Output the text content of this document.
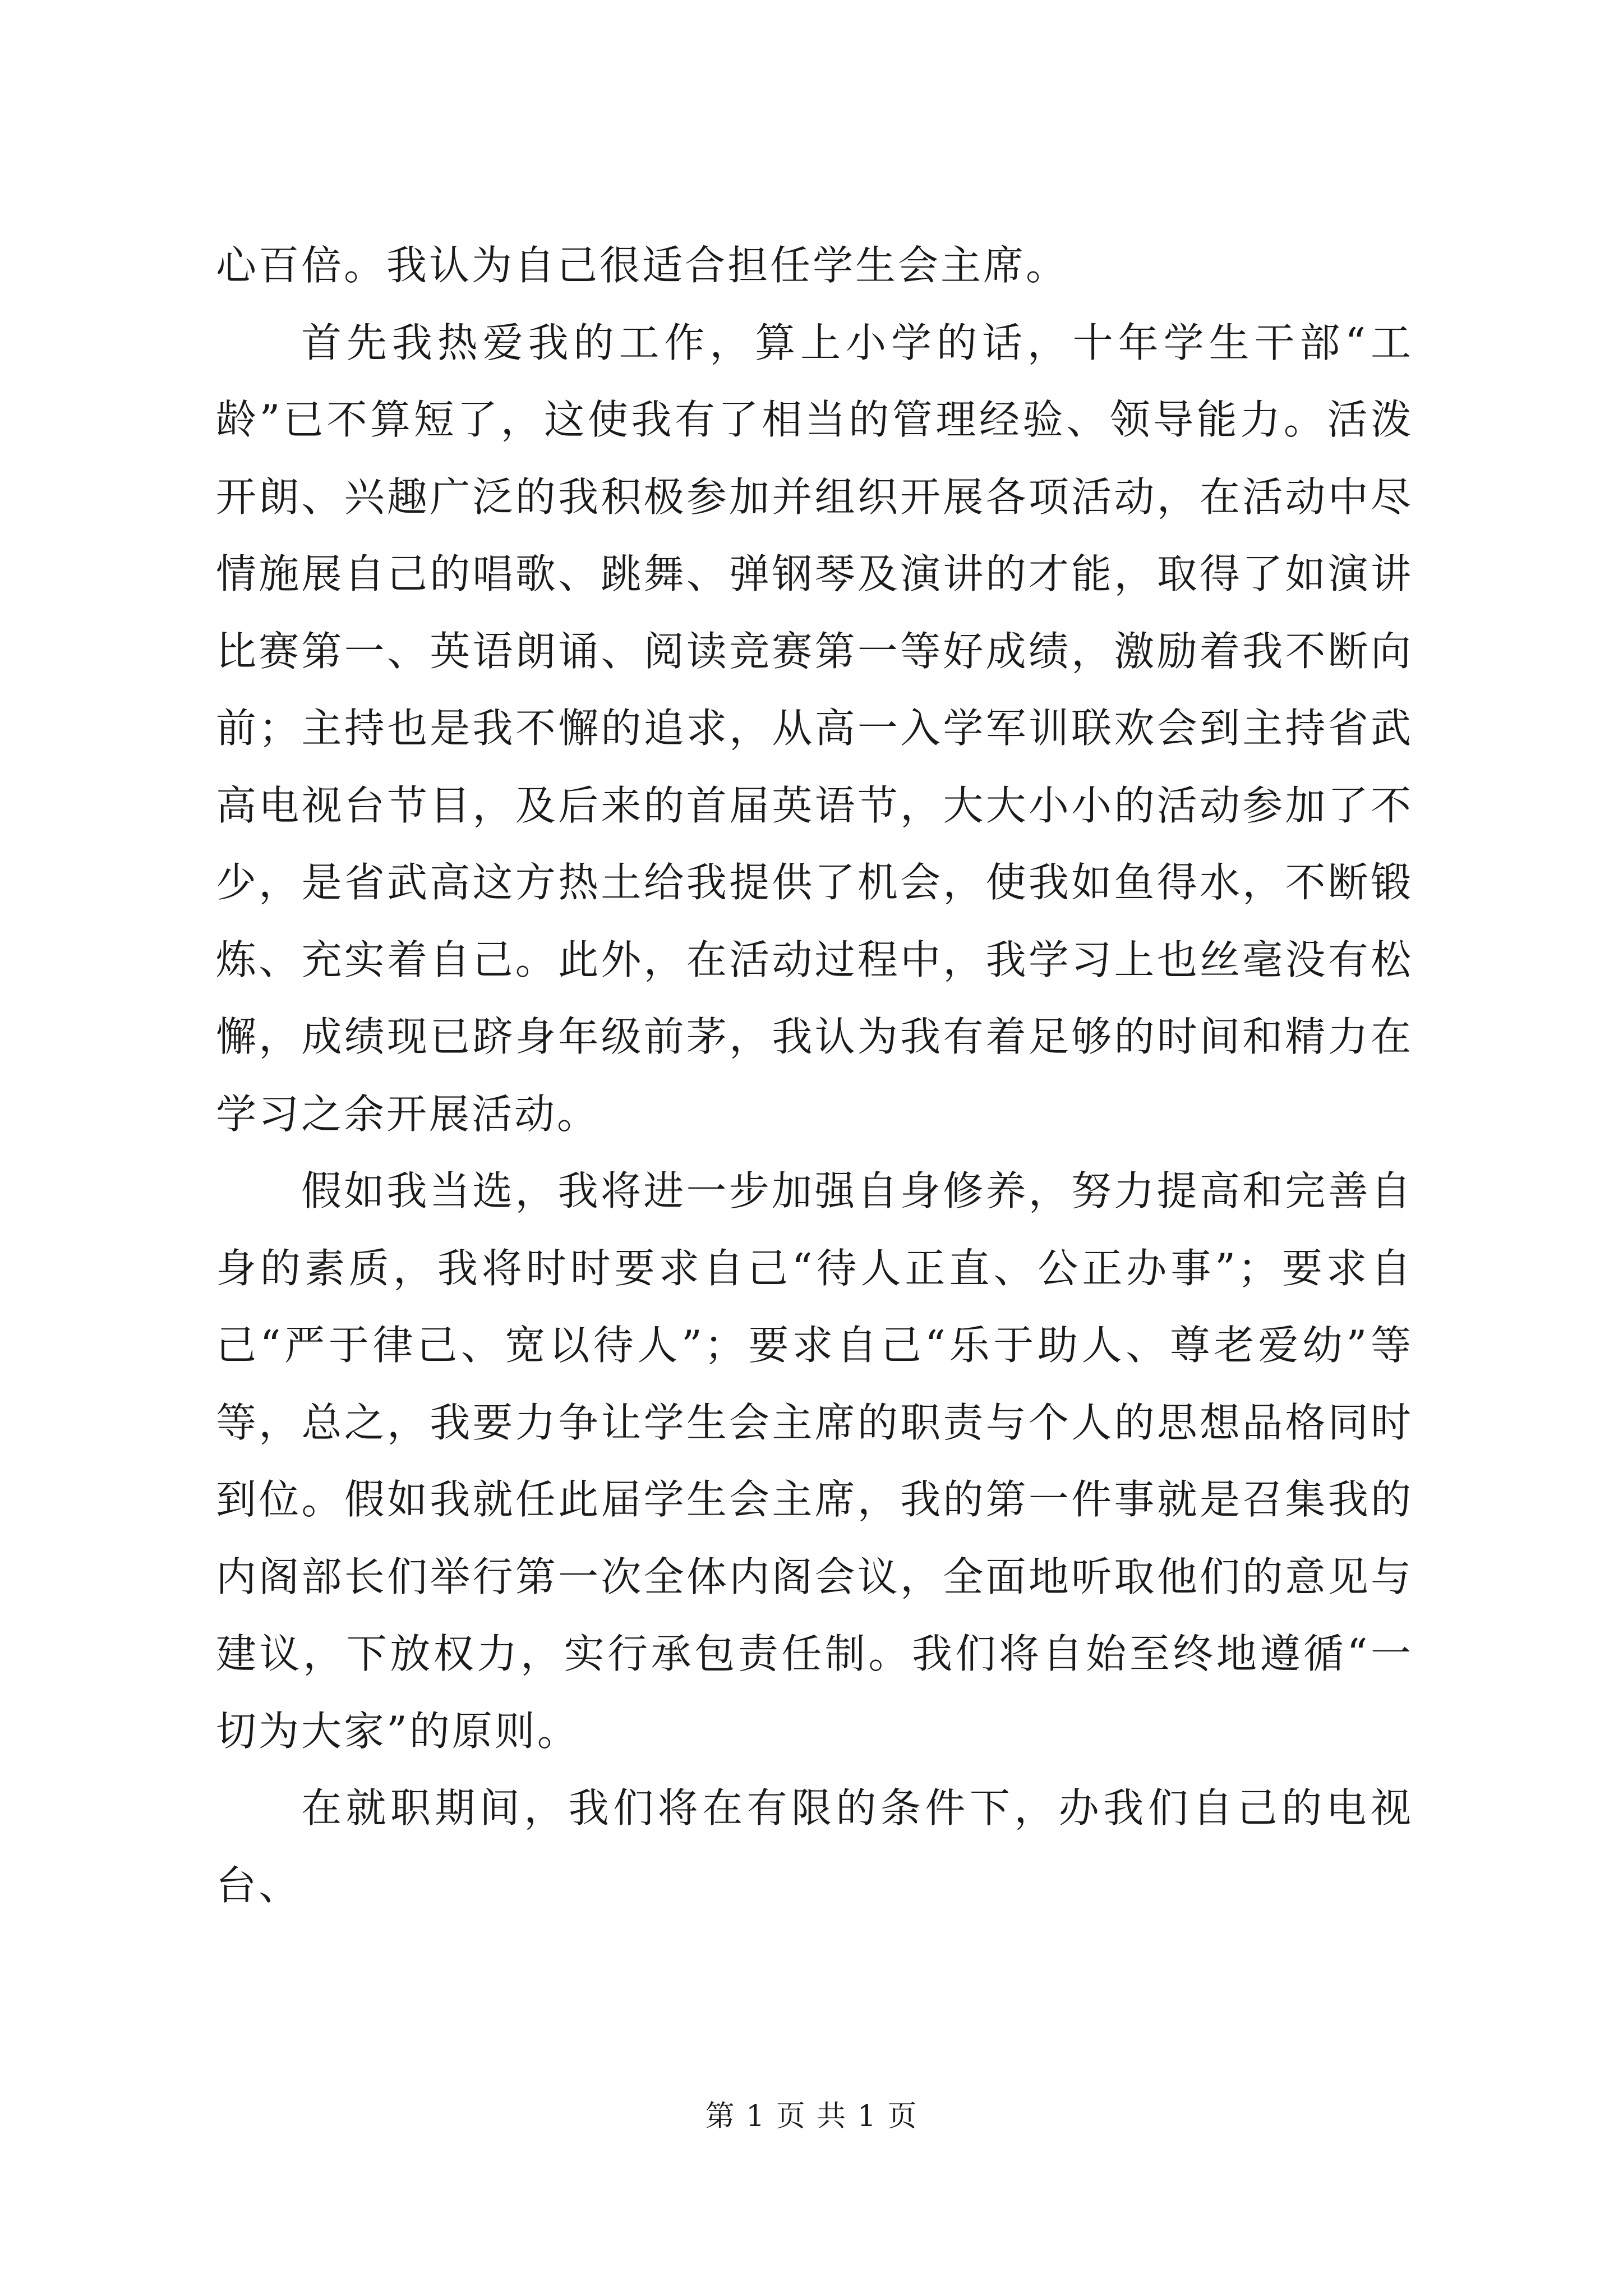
心百倍。我认为自己很适合担任学生会主席。

首先我热爱我的工作，算上小学的话，十年学生干部“工龄”已不算短了，这使我有了相当的管理经验、领导能力。活泼开朗、兴趣广泛的我积极参加并组织开展各项活动，在活动中尽情施展自己的唱歌、跳舞、弹钢琴及演讲的才能，取得了如演讲比赛第一、英语朗诵、阅读竞赛第一等好成绩，激励着我不断向前；主持也是我不懈的追求，从高一入学军训联欢会到主持省武高电视台节目，及后来的首届英语节，大大小小的活动参加了不少，是省武高这方热土给我提供了机会，使我如鱼得水，不断锻炼、充实着自己。此外，在活动过程中，我学习上也丝毫没有松懈，成绩现已跻身年级前茅，我认为我有着足够的时间和精力在学习之余开展活动。

假如我当选，我将进一步加强自身修养，努力提高和完善自身的素质，我将时时要求自己“待人正直、公正办事”；要求自己“严于律己、宽以待人”；要求自己“乐于助人、尊老爱幼”等等，总之，我要力争让学生会主席的职责与个人的思想品格同时到位。假如我就任此届学生会主席，我的第一件事就是召集我的内阁部长们举行第一次全体内阁会议，全面地听取他们的意见与建议，下放权力，实行承包责任制。我们将自始至终地遵循“一切为大家”的原则。

在就职期间，我们将在有限的条件下，办我们自己的电视台、

第 1 页 共 1 页
